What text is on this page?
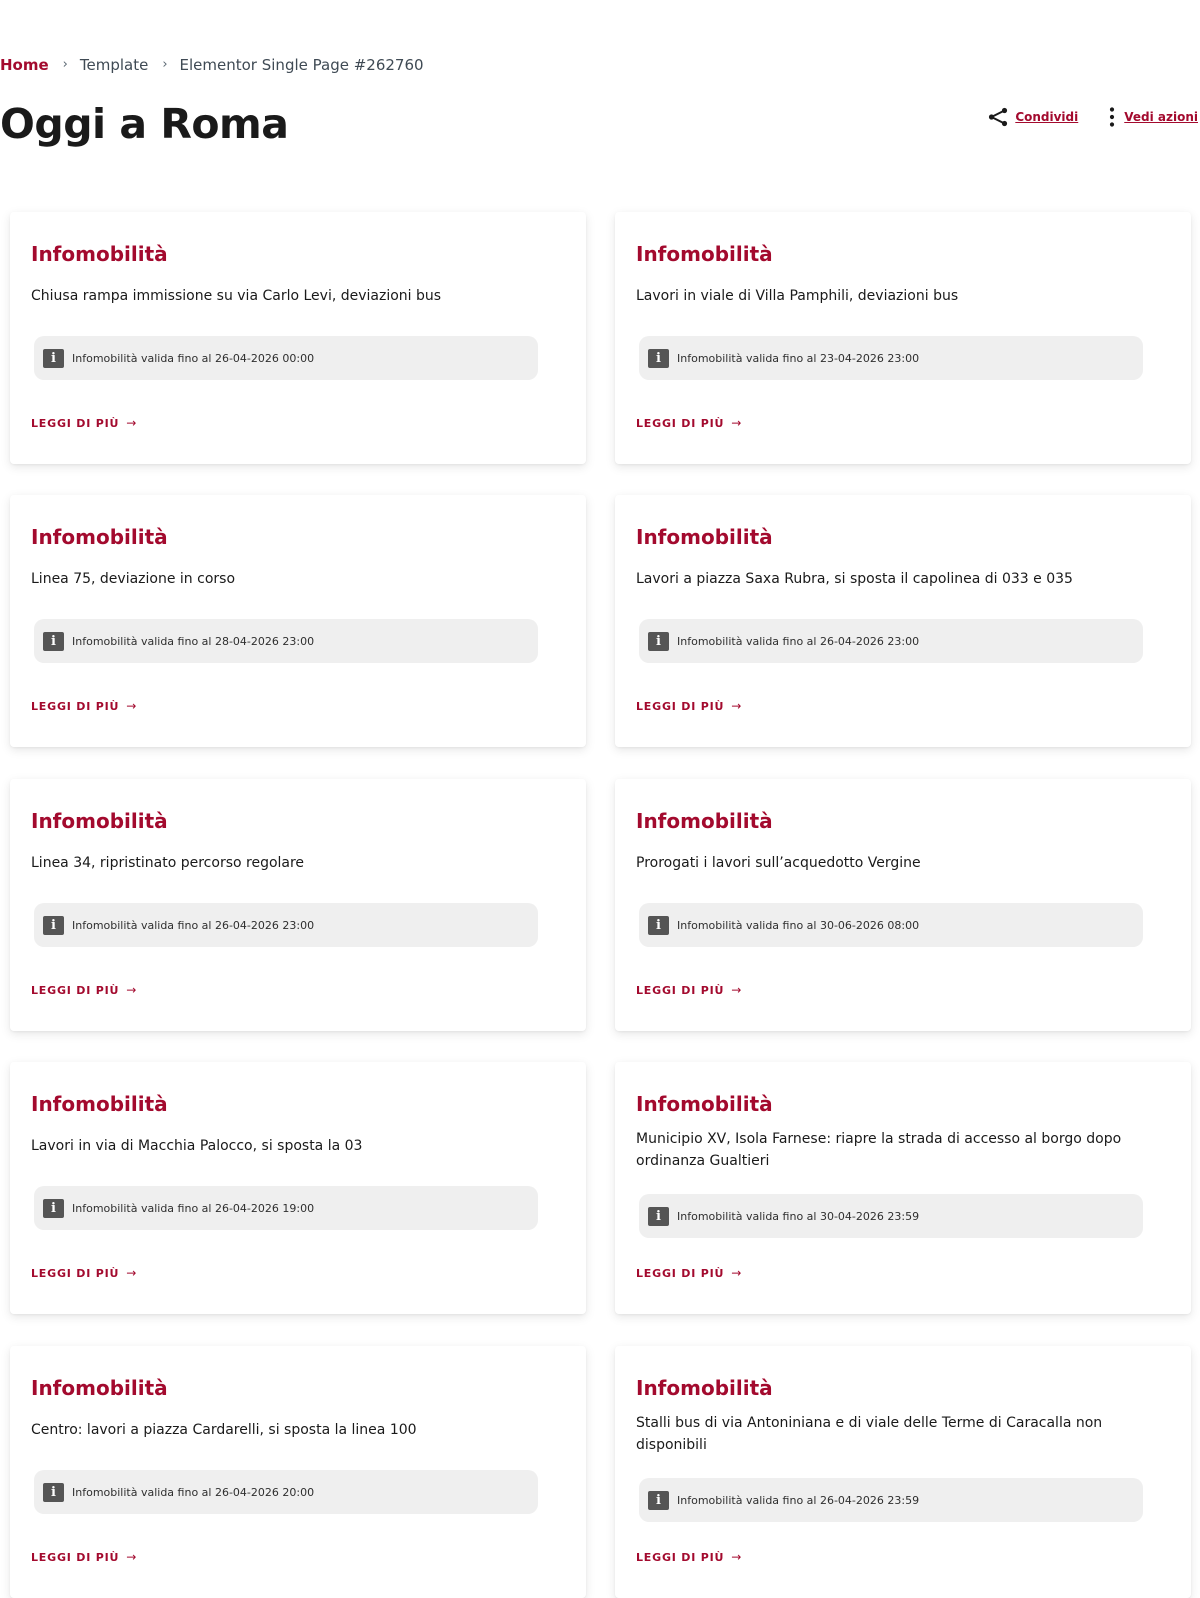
Home › Template › Elementor Single Page #262760
Oggi a Roma	Condividi	Vedi azioni
Infomobilità
Chiusa rampa immissione su via Carlo Levi, deviazioni bus
i	Infomobilità valida fino al 26-04-2026 00:00
LEGGI DI PIÙ →
Infomobilità
Lavori in viale di Villa Pamphili, deviazioni bus
i	Infomobilità valida fino al 23-04-2026 23:00
LEGGI DI PIÙ →
Infomobilità
Linea 75, deviazione in corso
i	Infomobilità valida fino al 28-04-2026 23:00
LEGGI DI PIÙ →
Infomobilità
Lavori a piazza Saxa Rubra, si sposta il capolinea di 033 e 035
i	Infomobilità valida fino al 26-04-2026 23:00
LEGGI DI PIÙ →
Infomobilità
Linea 34, ripristinato percorso regolare
i	Infomobilità valida fino al 26-04-2026 23:00
LEGGI DI PIÙ →
Infomobilità
Prorogati i lavori sull’acquedotto Vergine
i	Infomobilità valida fino al 30-06-2026 08:00
LEGGI DI PIÙ →
Infomobilità
Lavori in via di Macchia Palocco, si sposta la 03
i	Infomobilità valida fino al 26-04-2026 19:00
LEGGI DI PIÙ →
Infomobilità
Municipio XV, Isola Farnese: riapre la strada di accesso al borgo dopo ordinanza Gualtieri
i	Infomobilità valida fino al 30-04-2026 23:59
LEGGI DI PIÙ →
Infomobilità
Centro: lavori a piazza Cardarelli, si sposta la linea 100
i	Infomobilità valida fino al 26-04-2026 20:00
LEGGI DI PIÙ →
Infomobilità
Stalli bus di via Antoniniana e di viale delle Terme di Caracalla non disponibili
i	Infomobilità valida fino al 26-04-2026 23:59
LEGGI DI PIÙ →
